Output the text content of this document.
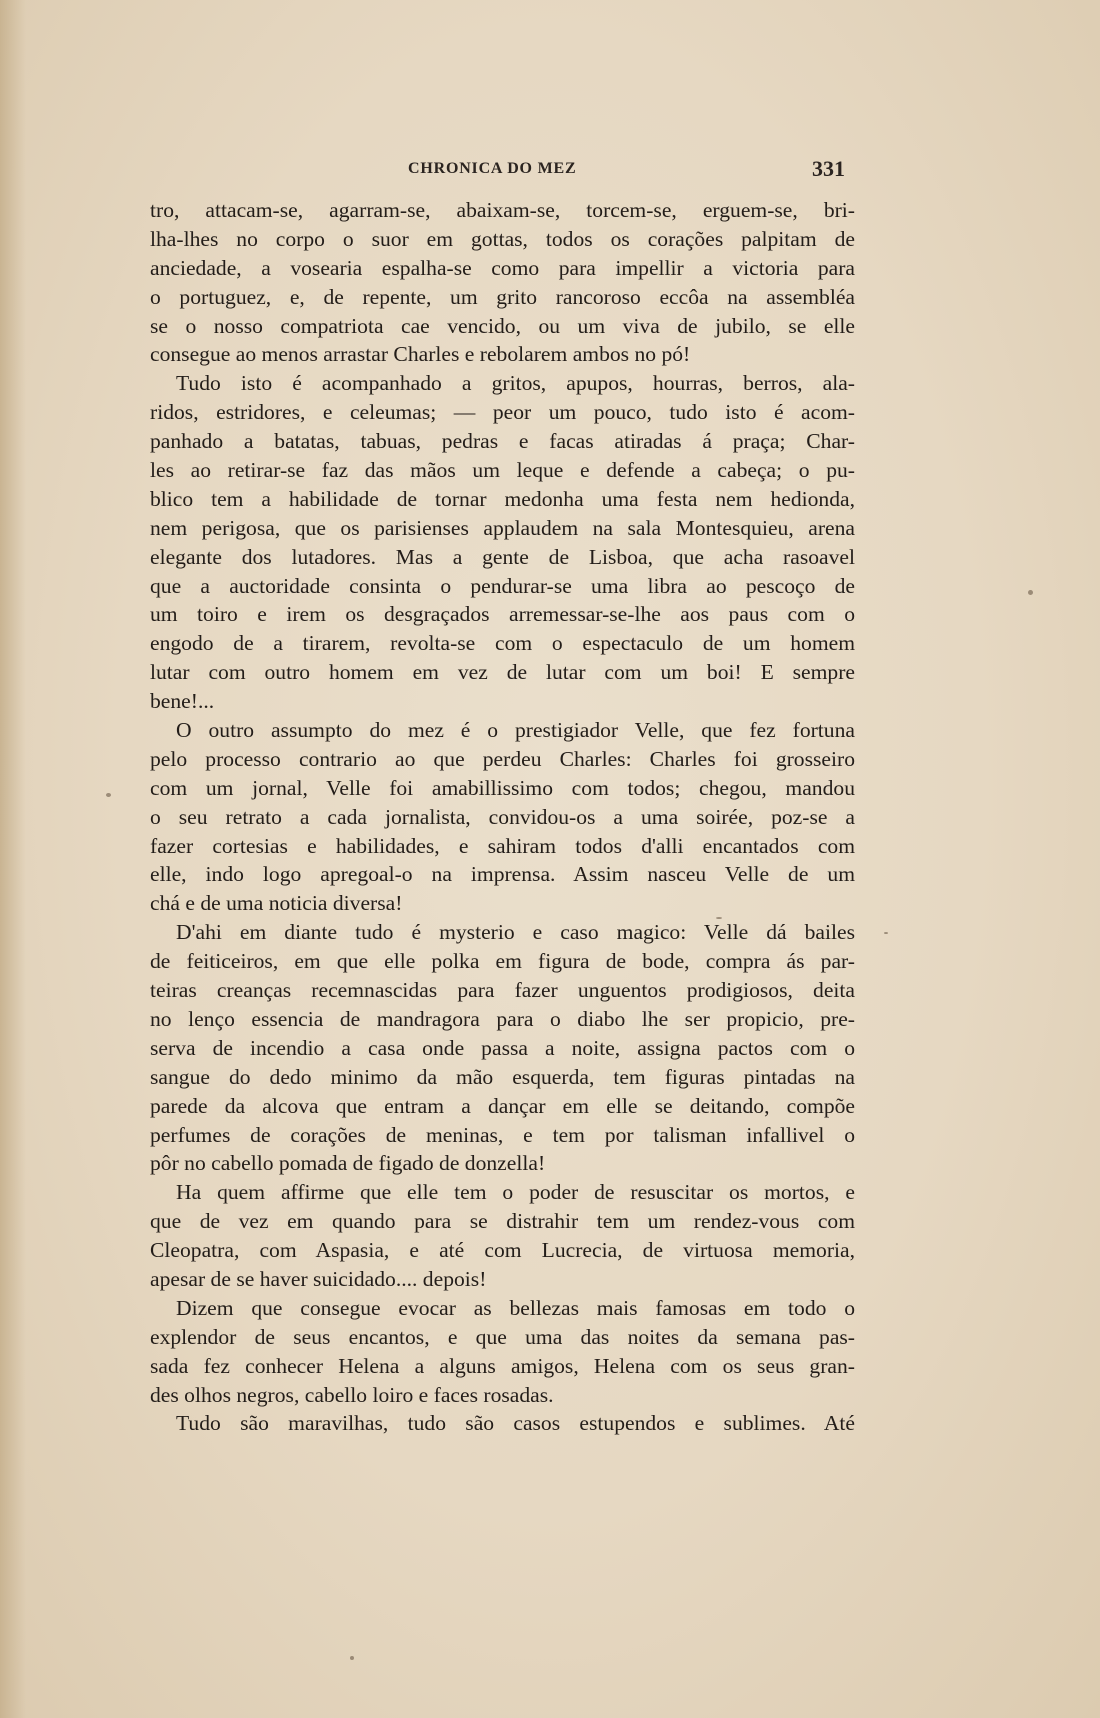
CHRONICA DO MEZ	331
tro, attacam-se, agarram-se, abaixam-se, torcem-se, erguem-se, bri-
lha-lhes no corpo o suor em gottas, todos os corações palpitam de
anciedade, a vosearia espalha-se como para impellir a victoria para
o portuguez, e, de repente, um grito rancoroso eccôa na assembléa
se o nosso compatriota cae vencido, ou um viva de jubilo, se elle
consegue ao menos arrastar Charles e rebolarem ambos no pó!
Tudo isto é acompanhado a gritos, apupos, hourras, berros, ala-
ridos, estridores, e celeumas; — peor um pouco, tudo isto é acom-
panhado a batatas, tabuas, pedras e facas atiradas á praça; Char-
les ao retirar-se faz das mãos um leque e defende a cabeça; o pu-
blico tem a habilidade de tornar medonha uma festa nem hedionda,
nem perigosa, que os parisienses applaudem na sala Montesquieu, arena
elegante dos lutadores. Mas a gente de Lisboa, que acha rasoavel
que a auctoridade consinta o pendurar-se uma libra ao pescoço de
um toiro e irem os desgraçados arremessar-se-lhe aos paus com o
engodo de a tirarem, revolta-se com o espectaculo de um homem
lutar com outro homem em vez de lutar com um boi! E sempre
bene!...
O outro assumpto do mez é o prestigiador Velle, que fez fortuna
pelo processo contrario ao que perdeu Charles: Charles foi grosseiro
com um jornal, Velle foi amabillissimo com todos; chegou, mandou
o seu retrato a cada jornalista, convidou-os a uma soirée, poz-se a
fazer cortesias e habilidades, e sahiram todos d'alli encantados com
elle, indo logo apregoal-o na imprensa. Assim nasceu Velle de um
chá e de uma noticia diversa!
D'ahi em diante tudo é mysterio e caso magico: Velle dá bailes
de feiticeiros, em que elle polka em figura de bode, compra ás par-
teiras creanças recemnascidas para fazer unguentos prodigiosos, deita
no lenço essencia de mandragora para o diabo lhe ser propicio, pre-
serva de incendio a casa onde passa a noite, assigna pactos com o
sangue do dedo minimo da mão esquerda, tem figuras pintadas na
parede da alcova que entram a dançar em elle se deitando, compõe
perfumes de corações de meninas, e tem por talisman infallivel o
pôr no cabello pomada de figado de donzella!
Ha quem affirme que elle tem o poder de resuscitar os mortos, e
que de vez em quando para se distrahir tem um rendez-vous com
Cleopatra, com Aspasia, e até com Lucrecia, de virtuosa memoria,
apesar de se haver suicidado.... depois!
Dizem que consegue evocar as bellezas mais famosas em todo o
explendor de seus encantos, e que uma das noites da semana pas-
sada fez conhecer Helena a alguns amigos, Helena com os seus gran-
des olhos negros, cabello loiro e faces rosadas.
Tudo são maravilhas, tudo são casos estupendos e sublimes. Até
